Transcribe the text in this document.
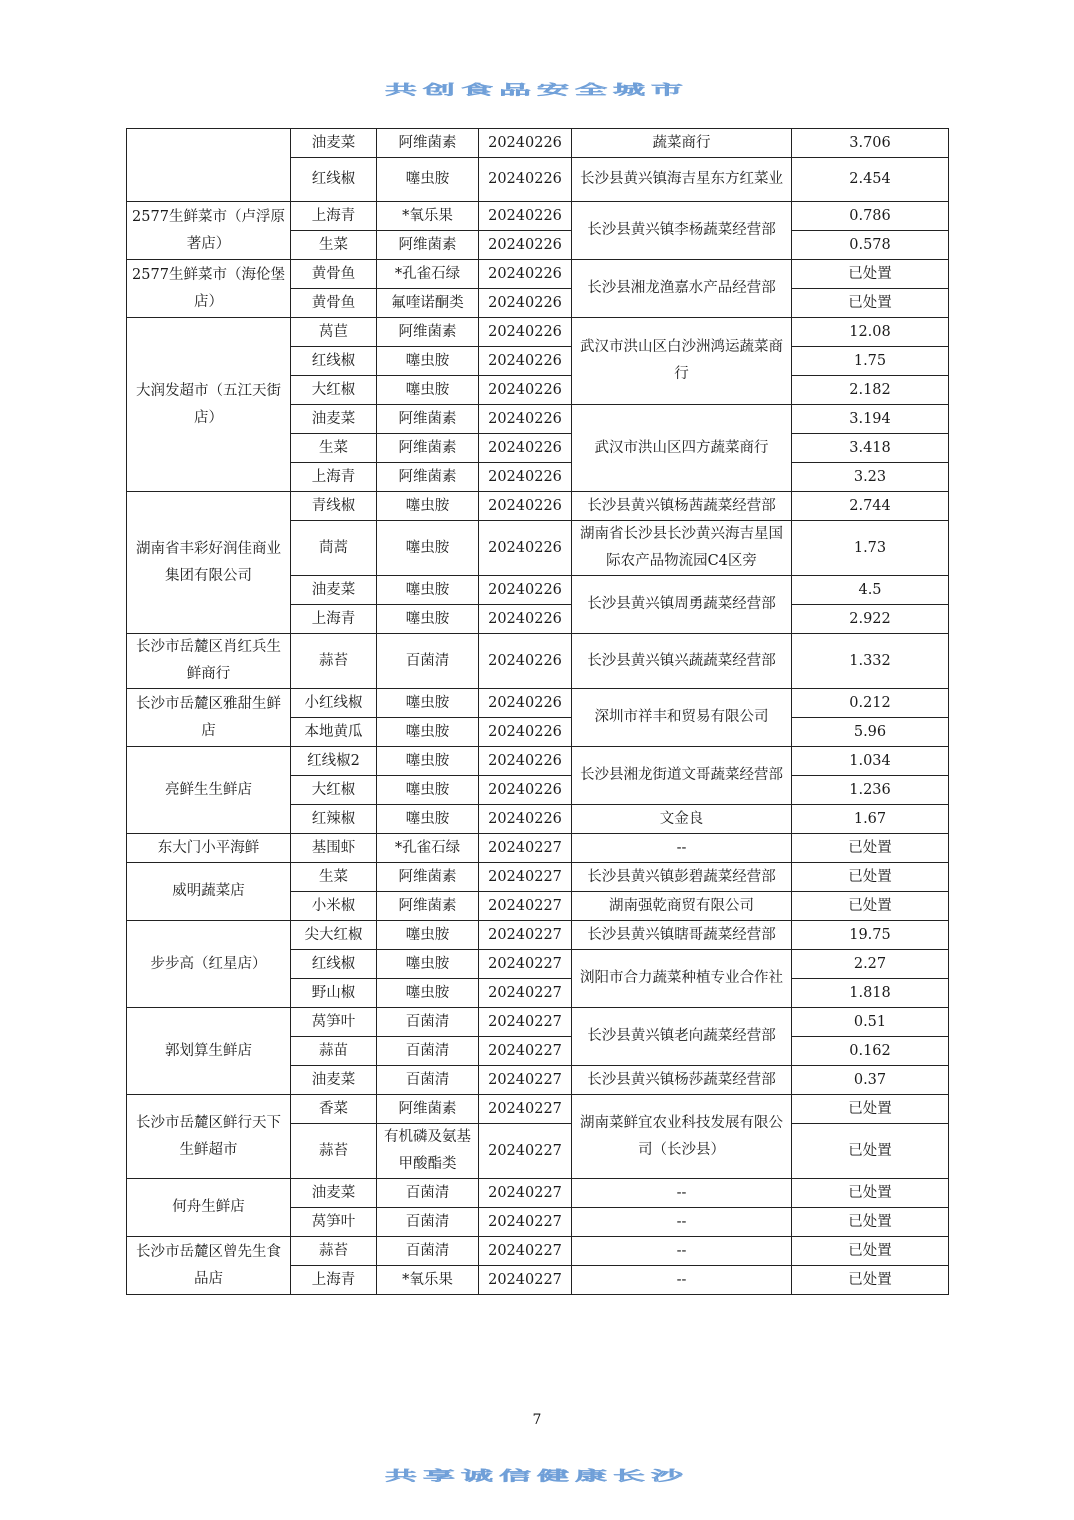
共创食品安全城市
	油麦菜	阿维菌素	20240226	蔬菜商行	3.706
	红线椒	噻虫胺	20240226	长沙县黄兴镇海吉星东方红菜业	2.454
2577生鲜菜市（卢浮原著店）	上海青	*氧乐果	20240226	长沙县黄兴镇李杨蔬菜经营部	0.786
	生菜	阿维菌素	20240226		0.578
2577生鲜菜市（海伦堡店）	黄骨鱼	*孔雀石绿	20240226	长沙县湘龙渔嘉水产品经营部	已处置
	黄骨鱼	氟喹诺酮类	20240226		已处置
大润发超市（五江天街店）	莴苣	阿维菌素	20240226	武汉市洪山区白沙洲鸿运蔬菜商行	12.08
	红线椒	噻虫胺	20240226		1.75
	大红椒	噻虫胺	20240226		2.182
	油麦菜	阿维菌素	20240226	武汉市洪山区四方蔬菜商行	3.194
	生菜	阿维菌素	20240226		3.418
	上海青	阿维菌素	20240226		3.23
湖南省丰彩好润佳商业集团有限公司	青线椒	噻虫胺	20240226	长沙县黄兴镇杨茜蔬菜经营部	2.744
	茼蒿	噻虫胺	20240226	湖南省长沙县长沙黄兴海吉星国际农产品物流园C4区旁	1.73
	油麦菜	噻虫胺	20240226	长沙县黄兴镇周勇蔬菜经营部	4.5
	上海青	噻虫胺	20240226		2.922
长沙市岳麓区肖红兵生鲜商行	蒜苔	百菌清	20240226	长沙县黄兴镇兴蔬蔬菜经营部	1.332
长沙市岳麓区雅甜生鲜店	小红线椒	噻虫胺	20240226	深圳市祥丰和贸易有限公司	0.212
	本地黄瓜	噻虫胺	20240226		5.96
亮鲜生生鲜店	红线椒2	噻虫胺	20240226	长沙县湘龙街道文哥蔬菜经营部	1.034
	大红椒	噻虫胺	20240226		1.236
	红辣椒	噻虫胺	20240226	文金良	1.67
东大门小平海鲜	基围虾	*孔雀石绿	20240227	--	已处置
威明蔬菜店	生菜	阿维菌素	20240227	长沙县黄兴镇彭碧蔬菜经营部	已处置
	小米椒	阿维菌素	20240227	湖南强乾商贸有限公司	已处置
步步高（红星店）	尖大红椒	噻虫胺	20240227	长沙县黄兴镇瞎哥蔬菜经营部	19.75
	红线椒	噻虫胺	20240227	浏阳市合力蔬菜种植专业合作社	2.27
	野山椒	噻虫胺	20240227		1.818
郭划算生鲜店	莴笋叶	百菌清	20240227	长沙县黄兴镇老向蔬菜经营部	0.51
	蒜苗	百菌清	20240227		0.162
	油麦菜	百菌清	20240227	长沙县黄兴镇杨莎蔬菜经营部	0.37
长沙市岳麓区鲜行天下生鲜超市	香菜	阿维菌素	20240227	湖南菜鲜宜农业科技发展有限公司（长沙县）	已处置
	蒜苔	有机磷及氨基甲酸酯类	20240227		已处置
何舟生鲜店	油麦菜	百菌清	20240227	--	已处置
	莴笋叶	百菌清	20240227	--	已处置
长沙市岳麓区曾先生食品店	蒜苔	百菌清	20240227	--	已处置
	上海青	*氧乐果	20240227	--	已处置
7
共享诚信健康长沙
